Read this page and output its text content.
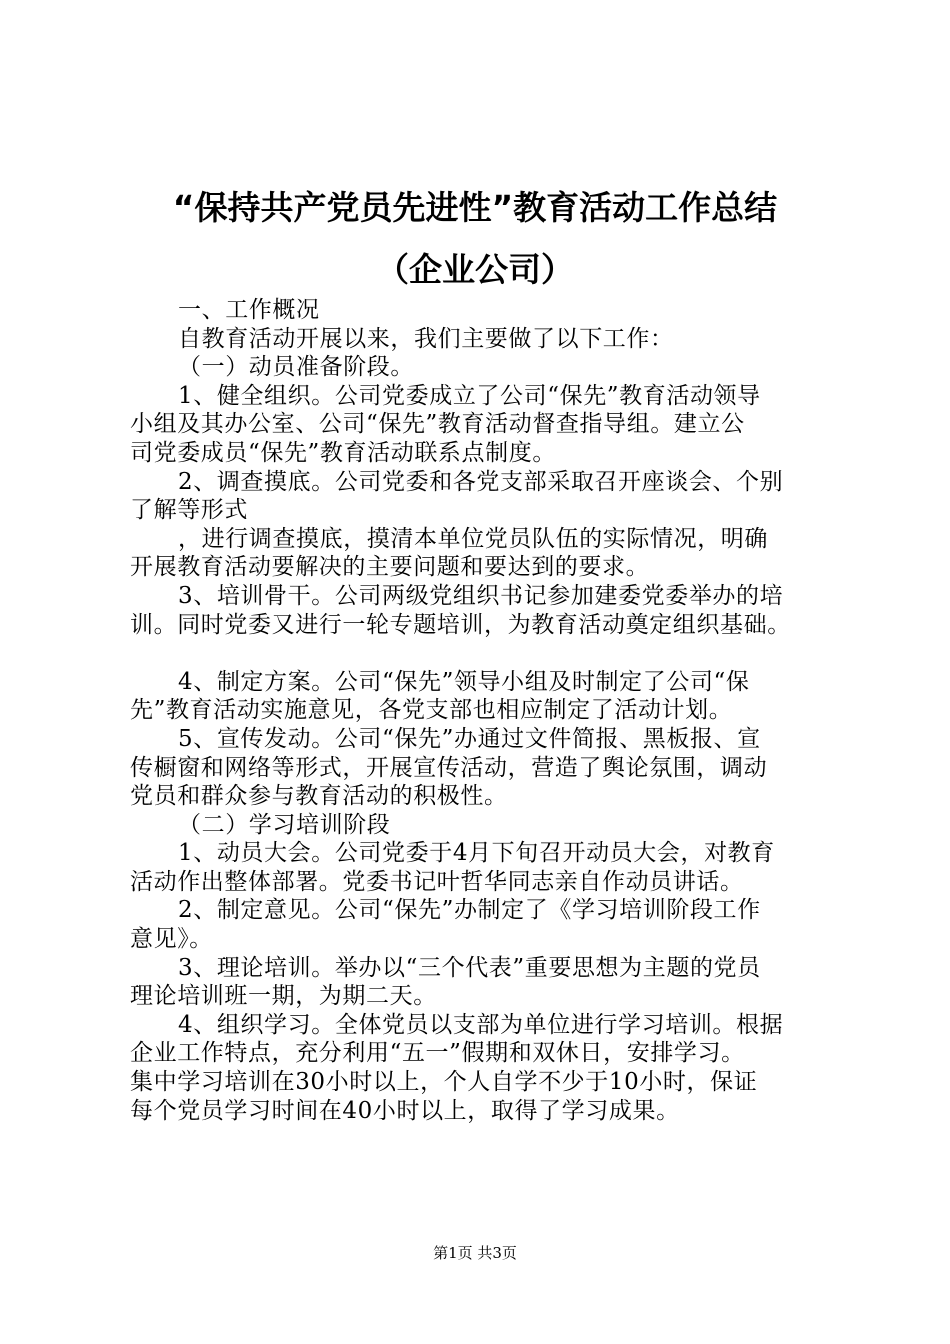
“保持共产党员先进性”教育活动工作总结
（企业公司）
一、工作概况
自教育活动开展以来，我们主要做了以下工作：
（一）动员准备阶段。
1、健全组织。公司党委成立了公司“保先”教育活动领导
小组及其办公室、公司“保先”教育活动督查指导组。建立公
司党委成员“保先”教育活动联系点制度。
2、调查摸底。公司党委和各党支部采取召开座谈会、个别
了解等形式
，进行调查摸底，摸清本单位党员队伍的实际情况，明确
开展教育活动要解决的主要问题和要达到的要求。
3、培训骨干。公司两级党组织书记参加建委党委举办的培
训。同时党委又进行一轮专题培训，为教育活动奠定组织基础。
4、制定方案。公司“保先”领导小组及时制定了公司“保
先”教育活动实施意见，各党支部也相应制定了活动计划。
5、宣传发动。公司“保先”办通过文件简报、黑板报、宣
传橱窗和网络等形式，开展宣传活动，营造了舆论氛围，调动
党员和群众参与教育活动的积极性。
（二）学习培训阶段
1、动员大会。公司党委于4月下旬召开动员大会，对教育
活动作出整体部署。党委书记叶哲华同志亲自作动员讲话。
2、制定意见。公司“保先”办制定了《学习培训阶段工作
意见》。
3、理论培训。举办以“三个代表”重要思想为主题的党员
理论培训班一期，为期二天。
4、组织学习。全体党员以支部为单位进行学习培训。根据
企业工作特点，充分利用“五一”假期和双休日，安排学习。
集中学习培训在30小时以上，个人自学不少于10小时，保证
每个党员学习时间在40小时以上，取得了学习成果。
第1页 共3页
